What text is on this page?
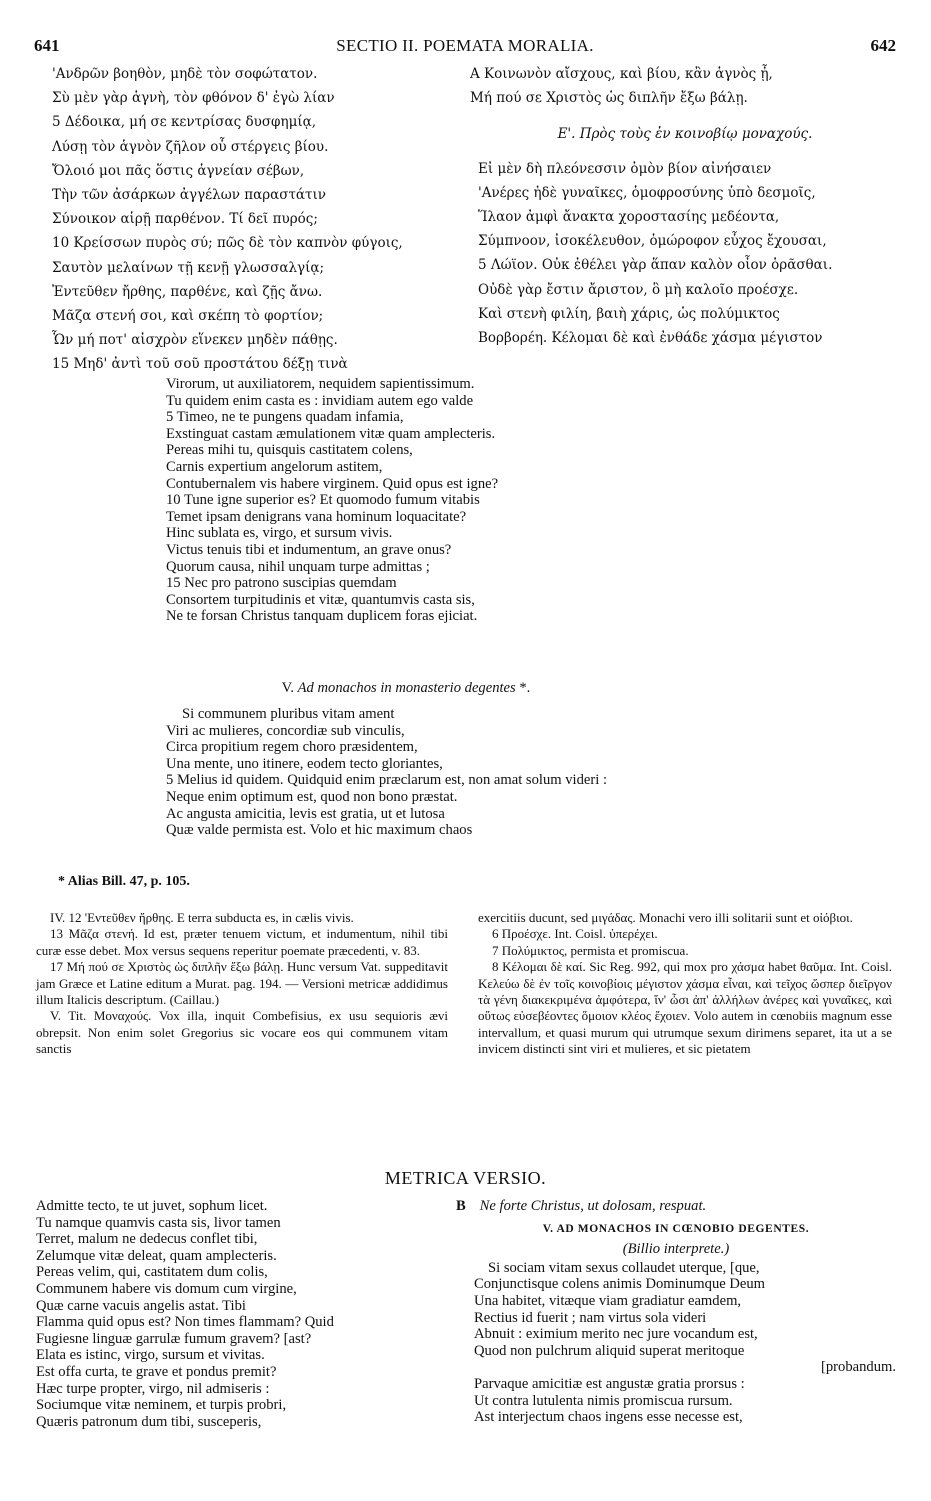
641	SECTIO II. POEMATA MORALIA.	642
'Ανδρῶν βοηθὸν, μηδὲ τὸν σοφώτατον.
Σὺ μὲν γὰρ ἁγνὴ, τὸν φθόνον δ' ἐγὼ λίαν
5 Δέδοικα, μή σε κεντρίσας δυσφημίᾳ,
Λύσῃ τὸν ἁγνὸν ζῆλον οὗ στέργεις βίου.
Ὄλοιό μοι πᾶς ὅστις ἁγνείαν σέβων,
Τὴν τῶν ἀσάρκων ἀγγέλων παραστάτιν
Σύνοικον αἱρῇ παρθένον. Τί δεῖ πυρός;
10 Κρείσσων πυρὸς σύ; πῶς δὲ τὸν καπνὸν φύγοις,
Σαυτὸν μελαίνων τῇ κενῇ γλωσσαλγίᾳ;
Ἐντεῦθεν ἤρθης, παρθένε, καὶ ζῇς ἄνω.
Μᾶζα στενή σοι, καὶ σκέπη τὸ φορτίον;
Ὧν μή ποτ' αἰσχρὸν εἵνεκεν μηδὲν πάθῃς.
15 Μηδ' ἀντὶ τοῦ σοῦ προστάτου δέξῃ τινὰ
A Κοινωνὸν αἴσχους, καὶ βίου, κἂν ἁγνὸς ᾖ,
Μή πού σε Χριστὸς ὡς διπλῆν ἔξω βάλῃ.
Ε'. Πρὸς τοὺς ἐν κοινοβίῳ μοναχούς.
Εἰ μὲν δὴ πλεόνεσσιν ὁμὸν βίον αἰνήσαιεν
'Ανέρες ἠδὲ γυναῖκες, ὁμοφροσύνης ὑπὸ δεσμοῖς,
Ἵλαον ἀμφὶ ἄνακτα χοροστασίης μεδέοντα,
Σύμπνοον, ἰσοκέλευθον, ὁμώροφον εὖχος ἔχουσαι,
5 Λώϊον. Οὐκ ἐθέλει γὰρ ἅπαν καλὸν οἶον ὁρᾶσθαι.
Οὐδὲ γὰρ ἔστιν ἄριστον, ὃ μὴ καλοῖο προέσχε.
Καὶ στενὴ φιλίη, βαιὴ χάρις, ὡς πολύμικτος
Βορβορέη. Κέλομαι δὲ καὶ ἐνθάδε χάσμα μέγιστον
Virorum, ut auxiliatorem, nequidem sapientissimum.
Tu quidem enim casta es : invidiam autem ego valde
5 Timeo, ne te pungens quadam infamia,
Exstinguat castam æmulationem vitæ quam amplecteris.
Pereas mihi tu, quisquis castitatem colens,
Carnis expertium angelorum astitem,
Contubernalem vis habere virginem. Quid opus est igne?
10 Tune igne superior es? Et quomodo fumum vitabis
Temet ipsam denigrans vana hominum loquacitate?
Hinc sublata es, virgo, et sursum vivis.
Victus tenuis tibi et indumentum, an grave onus?
Quorum causa, nihil unquam turpe admittas ;
15 Nec pro patrono suscipias quemdam
Consortem turpitudinis et vitæ, quantumvis casta sis,
Ne te forsan Christus tanquam duplicem foras ejiciat.
V. Ad monachos in monasterio degentes *.
Si communem pluribus vitam ament
Viri ac mulieres, concordiæ sub vinculis,
Circa propitium regem choro præsidentem,
Una mente, uno itinere, eodem tecto gloriantes,
5 Melius id quidem. Quidquid enim præclarum est, non amat solum videri :
Neque enim optimum est, quod non bono præstat.
Ac angusta amicitia, levis est gratia, ut et lutosa
Quæ valde permista est. Volo et hic maximum chaos
* Alias Bill. 47, p. 105.
IV. 12 'Εντεῦθεν ἤρθης. E terra subducta es, in cælis vivis.
13 Μᾶζα στενή. Id est, præter tenuem victum, et indumentum, nihil tibi curæ esse debet. Mox versus sequens reperitur poemate præcedenti, v. 83.
17 Μή πού σε Χριστὸς ὡς διπλῆν ἔξω βάλῃ. Hunc versum Vat. suppeditavit jam Græce et Latine editum a Murat. pag. 194. — Versioni metricæ addidimus illum Italicis descriptum. (Caillau.)
V. Tit. Μοναχούς. Vox illa, inquit Combefisius, ex usu sequioris ævi obrepsit. Non enim solet Gregorius sic vocare eos qui communem vitam sanctis
exercitiis ducunt, sed μιγάδας. Monachi vero illi solitarii sunt et οἰόβιοι.
6 Προέσχε. Int. Coisl. ὑπερέχει.
7 Πολύμικτος, permista et promiscua.
8 Κέλομαι δὲ καί. Sic Reg. 992, qui mox pro χάσμα habet θαῦμα. Int. Coisl. Κελεύω δὲ ἐν τοῖς κοινοβίοις μέγιστον χάσμα εἶναι, καὶ τεῖχος ὥσπερ διεῖργον τὰ γένη διακεκριμένα ἀμφότερα, ἵν' ὦσι ἀπ' ἀλλήλων ἀνέρες καὶ γυναῖκες, καὶ οὕτως εὐσεβέοντες ὅμοιον κλέος ἔχοιεν. Volo autem in cœnobiis magnum esse intervallum, et quasi murum qui utrumque sexum dirimens separet, ita ut a se invicem distincti sint viri et mulieres, et sic pietatem
METRICA VERSIO.
Admitte tecto, te ut juvet, sophum licet.
Tu namque quamvis casta sis, livor tamen
Terret, malum ne dedecus conflet tibi,
Zelumque vitæ deleat, quam amplecteris.
Pereas velim, qui, castitatem dum colis,
Communem habere vis domum cum virgine,
Quæ carne vacuis angelis astat. Tibi
Flamma quid opus est? Non times flammam? Quid
Fugiesne linguæ garrulæ fumum gravem? [ast?
Elata es istinc, virgo, sursum et vivitas.
Est offa curta, te grave et pondus premit?
Hæc turpe propter, virgo, nil admiseris :
Sociumque vitæ neminem, et turpis probri,
Quæris patronum dum tibi, susceperis,
B Ne forte Christus, ut dolosam, respuat.
V. AD MONACHOS IN CŒNOBIO DEGENTES.
(Billio interprete.)
Si sociam vitam sexus collaudet uterque, [que,
Conjunctisque colens animis Dominumque Deum
Una habitet, vitæque viam gradiatur eamdem,
Rectius id fuerit ; nam virtus sola videri
Abnuit : eximium merito nec jure vocandum est,
Quod non pulchrum aliquid superat meritoque
[probandum.
Parvaque amicitiæ est angustæ gratia prorsus :
Ut contra lutulenta nimis promiscua rursum.
Ast interjectum chaos ingens esse necesse est,
